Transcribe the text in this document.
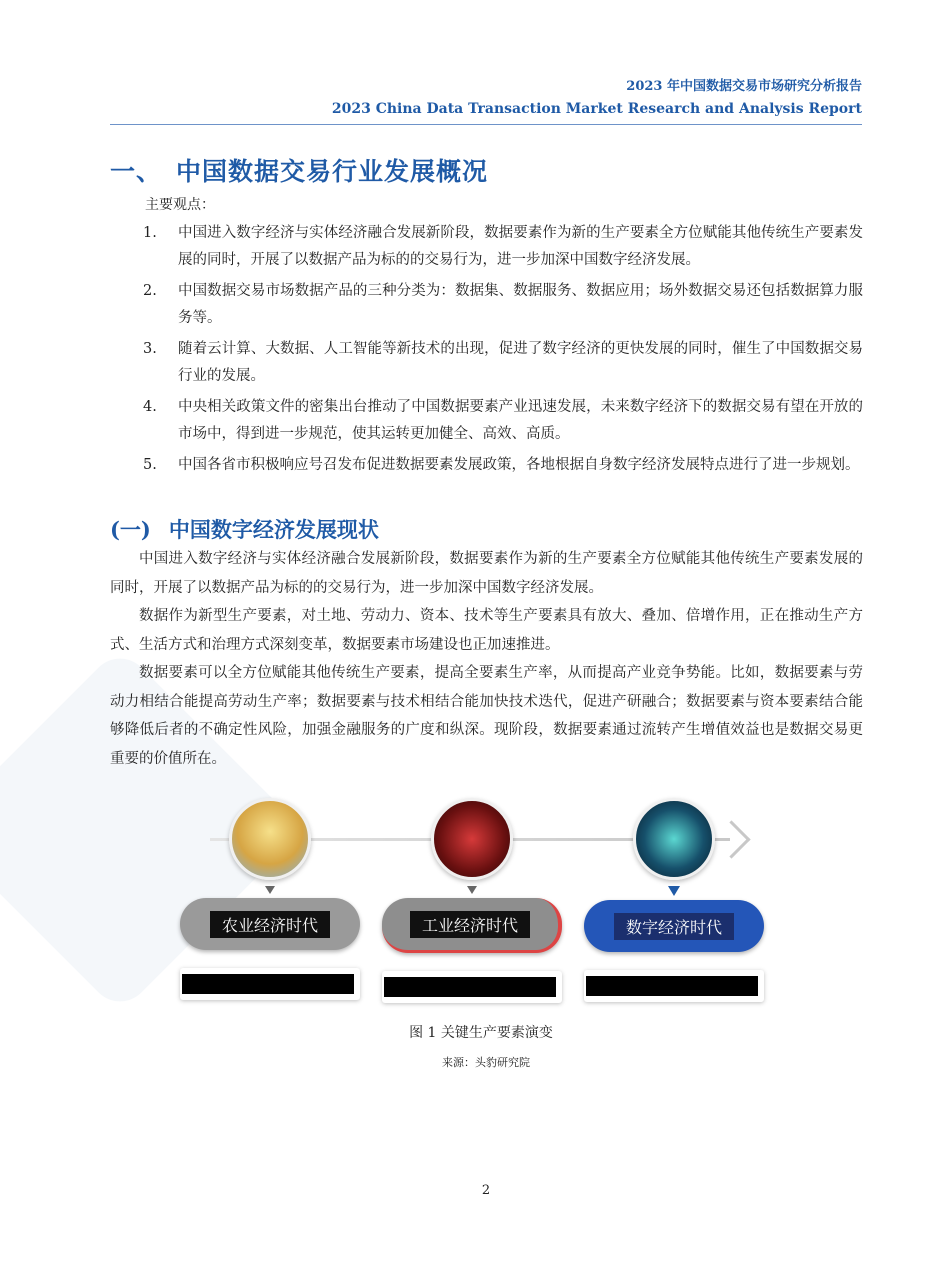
2023 年中国数据交易市场研究分析报告
2023 China Data Transaction Market Research and Analysis Report
一、 中国数据交易行业发展概况
主要观点：
1.	中国进入数字经济与实体经济融合发展新阶段，数据要素作为新的生产要素全方位赋能其他传统生产要素发展的同时，开展了以数据产品为标的的交易行为，进一步加深中国数字经济发展。
2.	中国数据交易市场数据产品的三种分类为：数据集、数据服务、数据应用；场外数据交易还包括数据算力服务等。
3.	随着云计算、大数据、人工智能等新技术的出现，促进了数字经济的更快发展的同时，催生了中国数据交易行业的发展。
4.	中央相关政策文件的密集出台推动了中国数据要素产业迅速发展，未来数字经济下的数据交易有望在开放的市场中，得到进一步规范，使其运转更加健全、高效、高质。
5.	中国各省市积极响应号召发布促进数据要素发展政策，各地根据自身数字经济发展特点进行了进一步规划。
(一) 中国数字经济发展现状

中国进入数字经济与实体经济融合发展新阶段，数据要素作为新的生产要素全方位赋能其他传统生产要素发展的同时，开展了以数据产品为标的的交易行为，进一步加深中国数字经济发展。

数据作为新型生产要素，对土地、劳动力、资本、技术等生产要素具有放大、叠加、倍增作用，正在推动生产方式、生活方式和治理方式深刻变革，数据要素市场建设也正加速推进。

数据要素可以全方位赋能其他传统生产要素，提高全要素生产率，从而提高产业竞争势能。比如，数据要素与劳动力相结合能提高劳动生产率；数据要素与技术相结合能加快技术迭代，促进产研融合；数据要素与资本要素结合能够降低后者的不确定性风险，加强金融服务的广度和纵深。现阶段，数据要素通过流转产生增值效益也是数据交易更重要的价值所在。

农业经济时代	工业经济时代	数字经济时代
图 1 关键生产要素演变
来源：头豹研究院
2
